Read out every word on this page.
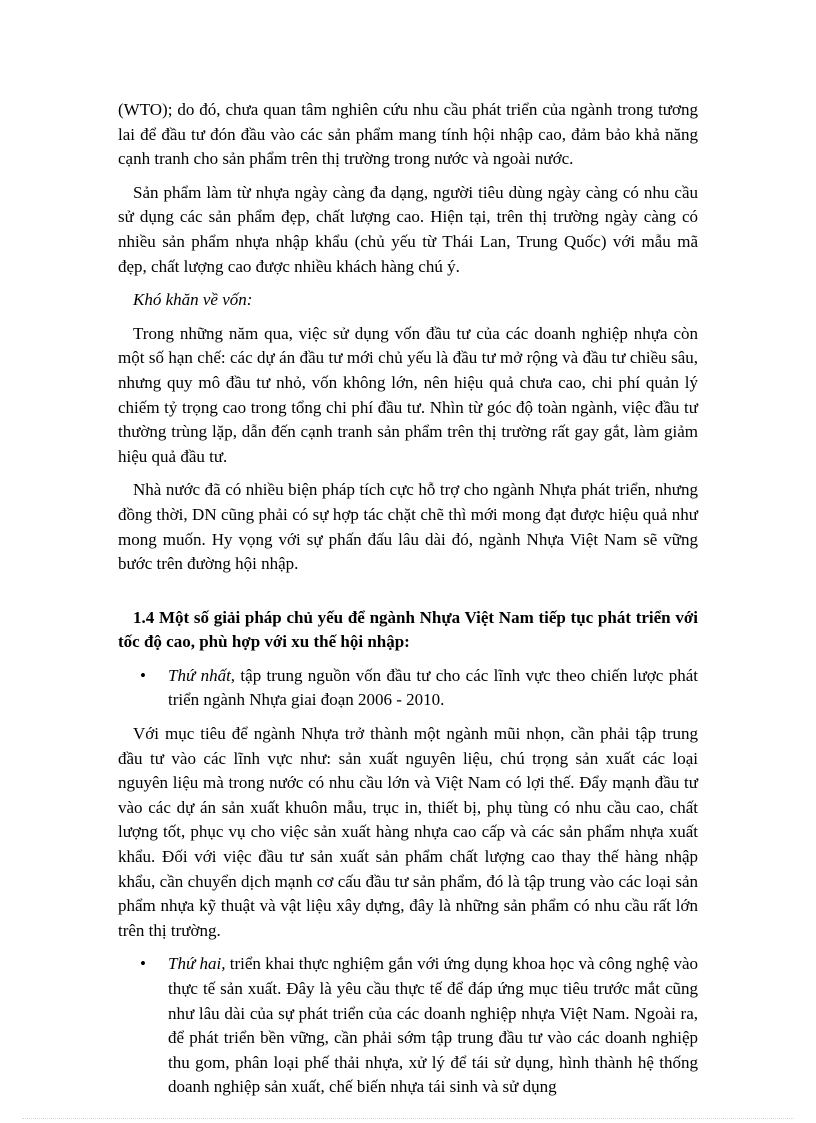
(WTO); do đó, chưa quan tâm nghiên cứu nhu cầu phát triển của ngành trong tương lai để đầu tư đón đầu vào các sản phẩm mang tính hội nhập cao, đảm bảo khả năng cạnh tranh cho sản phẩm trên thị trường trong nước và ngoài nước.

Sản phẩm làm từ nhựa ngày càng đa dạng, người tiêu dùng ngày càng có nhu cầu sử dụng các sản phẩm đẹp, chất lượng cao. Hiện tại, trên thị trường ngày càng có nhiều sản phẩm nhựa nhập khẩu (chủ yếu từ Thái Lan, Trung Quốc) với mẫu mã đẹp, chất lượng cao được nhiều khách hàng chú ý.

Khó khăn về vốn:

Trong những năm qua, việc sử dụng vốn đầu tư của các doanh nghiệp nhựa còn một số hạn chế: các dự án đầu tư mới chủ yếu là đầu tư mở rộng và đầu tư chiều sâu, nhưng quy mô đầu tư nhỏ, vốn không lớn, nên hiệu quả chưa cao, chi phí quản lý chiếm tỷ trọng cao trong tổng chi phí đầu tư. Nhìn từ góc độ toàn ngành, việc đầu tư thường trùng lặp, dẫn đến cạnh tranh sản phẩm trên thị trường rất gay gắt, làm giảm hiệu quả đầu tư.

Nhà nước đã có nhiều biện pháp tích cực hỗ trợ cho ngành Nhựa phát triển, nhưng đồng thời, DN cũng phải có sự hợp tác chặt chẽ thì mới mong đạt được hiệu quả như mong muốn. Hy vọng với sự phấn đấu lâu dài đó, ngành Nhựa Việt Nam sẽ vững bước trên đường hội nhập.

1.4 Một số giải pháp chủ yếu để ngành Nhựa Việt Nam tiếp tục phát triển với tốc độ cao, phù hợp với xu thế hội nhập:

• Thứ nhất, tập trung nguồn vốn đầu tư cho các lĩnh vực theo chiến lược phát triển ngành Nhựa giai đoạn 2006 - 2010.

Với mục tiêu để ngành Nhựa trở thành một ngành mũi nhọn, cần phải tập trung đầu tư vào các lĩnh vực như: sản xuất nguyên liệu, chú trọng sản xuất các loại nguyên liệu mà trong nước có nhu cầu lớn và Việt Nam có lợi thế. Đẩy mạnh đầu tư vào các dự án sản xuất khuôn mẫu, trục in, thiết bị, phụ tùng có nhu cầu cao, chất lượng tốt, phục vụ cho việc sản xuất hàng nhựa cao cấp và các sản phẩm nhựa xuất khẩu. Đối với việc đầu tư sản xuất sản phẩm chất lượng cao thay thế hàng nhập khẩu, cần chuyển dịch mạnh cơ cấu đầu tư sản phẩm, đó là tập trung vào các loại sản phẩm nhựa kỹ thuật và vật liệu xây dựng, đây là những sản phẩm có nhu cầu rất lớn trên thị trường.

• Thứ hai, triển khai thực nghiệm gắn với ứng dụng khoa học và công nghệ vào thực tế sản xuất. Đây là yêu cầu thực tế để đáp ứng mục tiêu trước mắt cũng như lâu dài của sự phát triển của các doanh nghiệp nhựa Việt Nam. Ngoài ra, để phát triển bền vững, cần phải sớm tập trung đầu tư vào các doanh nghiệp thu gom, phân loại phế thải nhựa, xử lý để tái sử dụng, hình thành hệ thống doanh nghiệp sản xuất, chế biến nhựa tái sinh và sử dụng
